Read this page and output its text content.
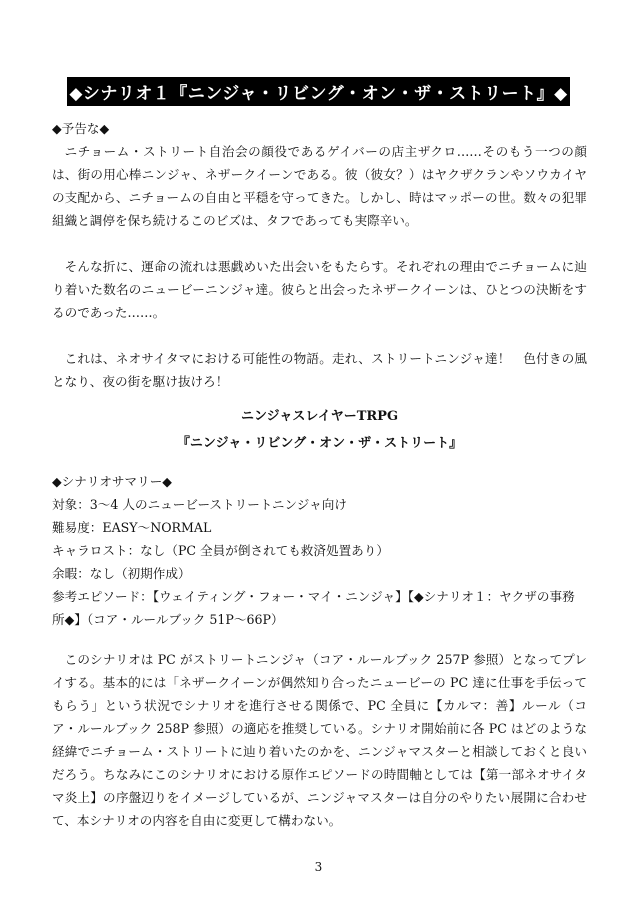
◆シナリオ１『ニンジャ・リビング・オン・ザ・ストリート』◆

◆予告な◆

ニチョーム・ストリート自治会の顔役であるゲイバーの店主ザクロ……そのもう一つの顔は、街の用心棒ニンジャ、ネザークイーンである。彼（彼女？）はヤクザクランやソウカイヤの支配から、ニチョームの自由と平穏を守ってきた。しかし、時はマッポーの世。数々の犯罪組織と調停を保ち続けるこのビズは、タフであっても実際辛い。

そんな折に、運命の流れは悪戯めいた出会いをもたらす。それぞれの理由でニチョームに辿り着いた数名のニュービーニンジャ達。彼らと出会ったネザークイーンは、ひとつの決断をするのであった……。

これは、ネオサイタマにおける可能性の物語。走れ、ストリートニンジャ達！　色付きの風となり、夜の街を駆け抜けろ！

ニンジャスレイヤーTRPG
『ニンジャ・リビング・オン・ザ・ストリート』

◆シナリオサマリー◆

対象：3～4 人のニュービーストリートニンジャ向け

難易度：EASY～NORMAL

キャラロスト：なし（PC 全員が倒されても救済処置あり）

余暇：なし（初期作成）

参考エピソード：【ウェイティング・フォー・マイ・ニンジャ】【◆シナリオ１：ヤクザの事務

所◆】（コア・ルールブック 51P～66P）

このシナリオは PC がストリートニンジャ（コア・ルールブック 257P 参照）となってプレイする。基本的には「ネザークイーンが偶然知り合ったニュービーの PC 達に仕事を手伝ってもらう」という状況でシナリオを進行させる関係で、PC 全員に【カルマ：善】ルール（コア・ルールブック 258P 参照）の適応を推奨している。シナリオ開始前に各 PC はどのような経緯でニチョーム・ストリートに辿り着いたのかを、ニンジャマスターと相談しておくと良いだろう。ちなみにこのシナリオにおける原作エピソードの時間軸としては【第一部ネオサイタマ炎上】の序盤辺りをイメージしているが、ニンジャマスターは自分のやりたい展開に合わせて、本シナリオの内容を自由に変更して構わない。

3
